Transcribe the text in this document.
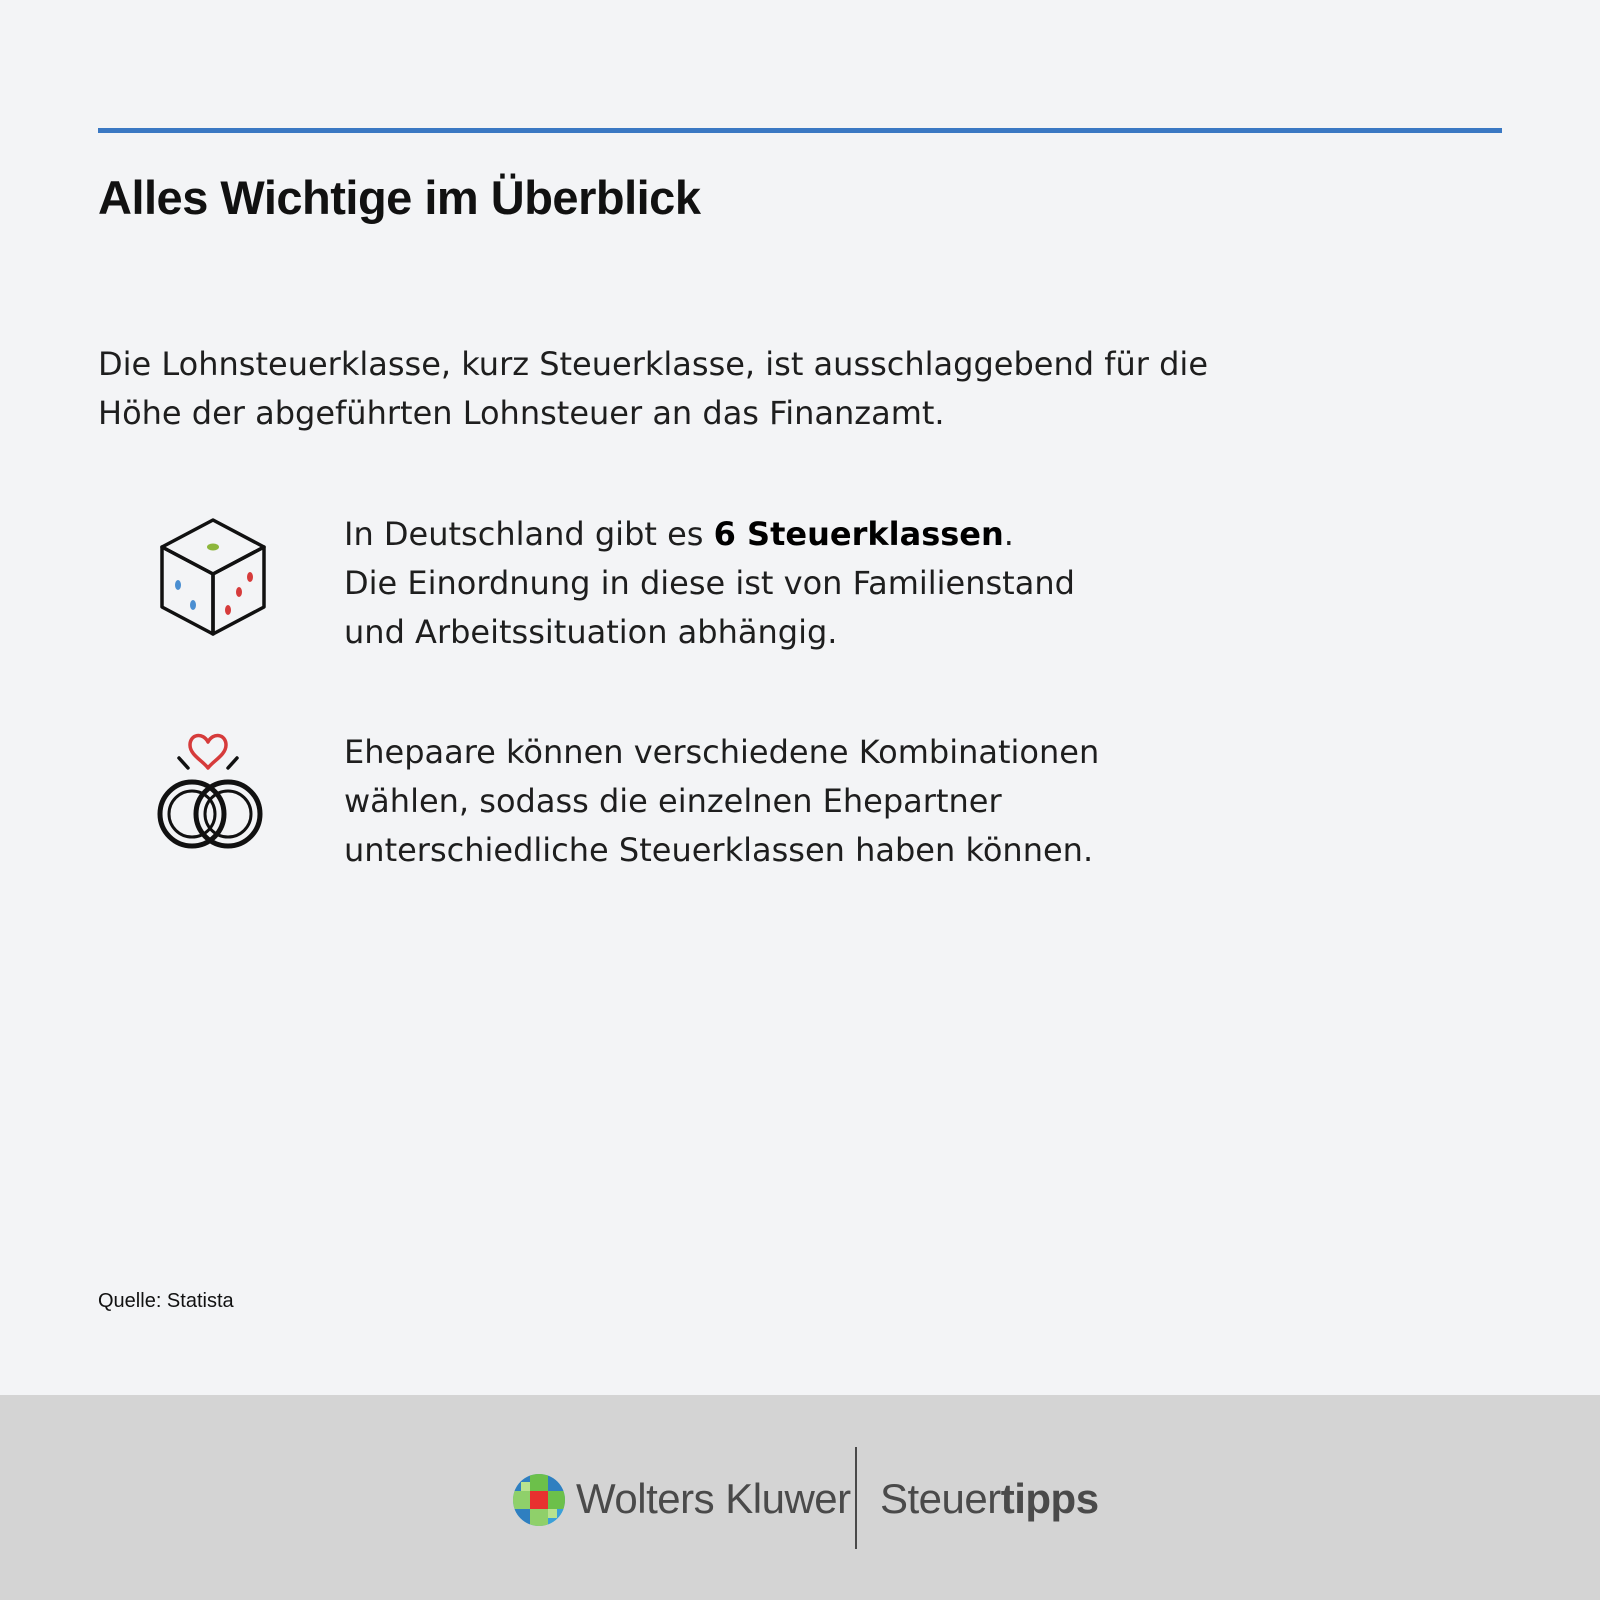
Alles Wichtige im Überblick

Die Lohnsteuerklasse, kurz Steuerklasse, ist ausschlaggebend für die
Höhe der abgeführten Lohnsteuer an das Finanzamt.

In Deutschland gibt es 6 Steuerklassen.
Die Einordnung in diese ist von Familienstand
und Arbeitssituation abhängig.

Ehepaare können verschiedene Kombinationen
wählen, sodass die einzelnen Ehepartner
unterschiedliche Steuerklassen haben können.

Quelle: Statista
Wolters Kluwer Steuertipps
